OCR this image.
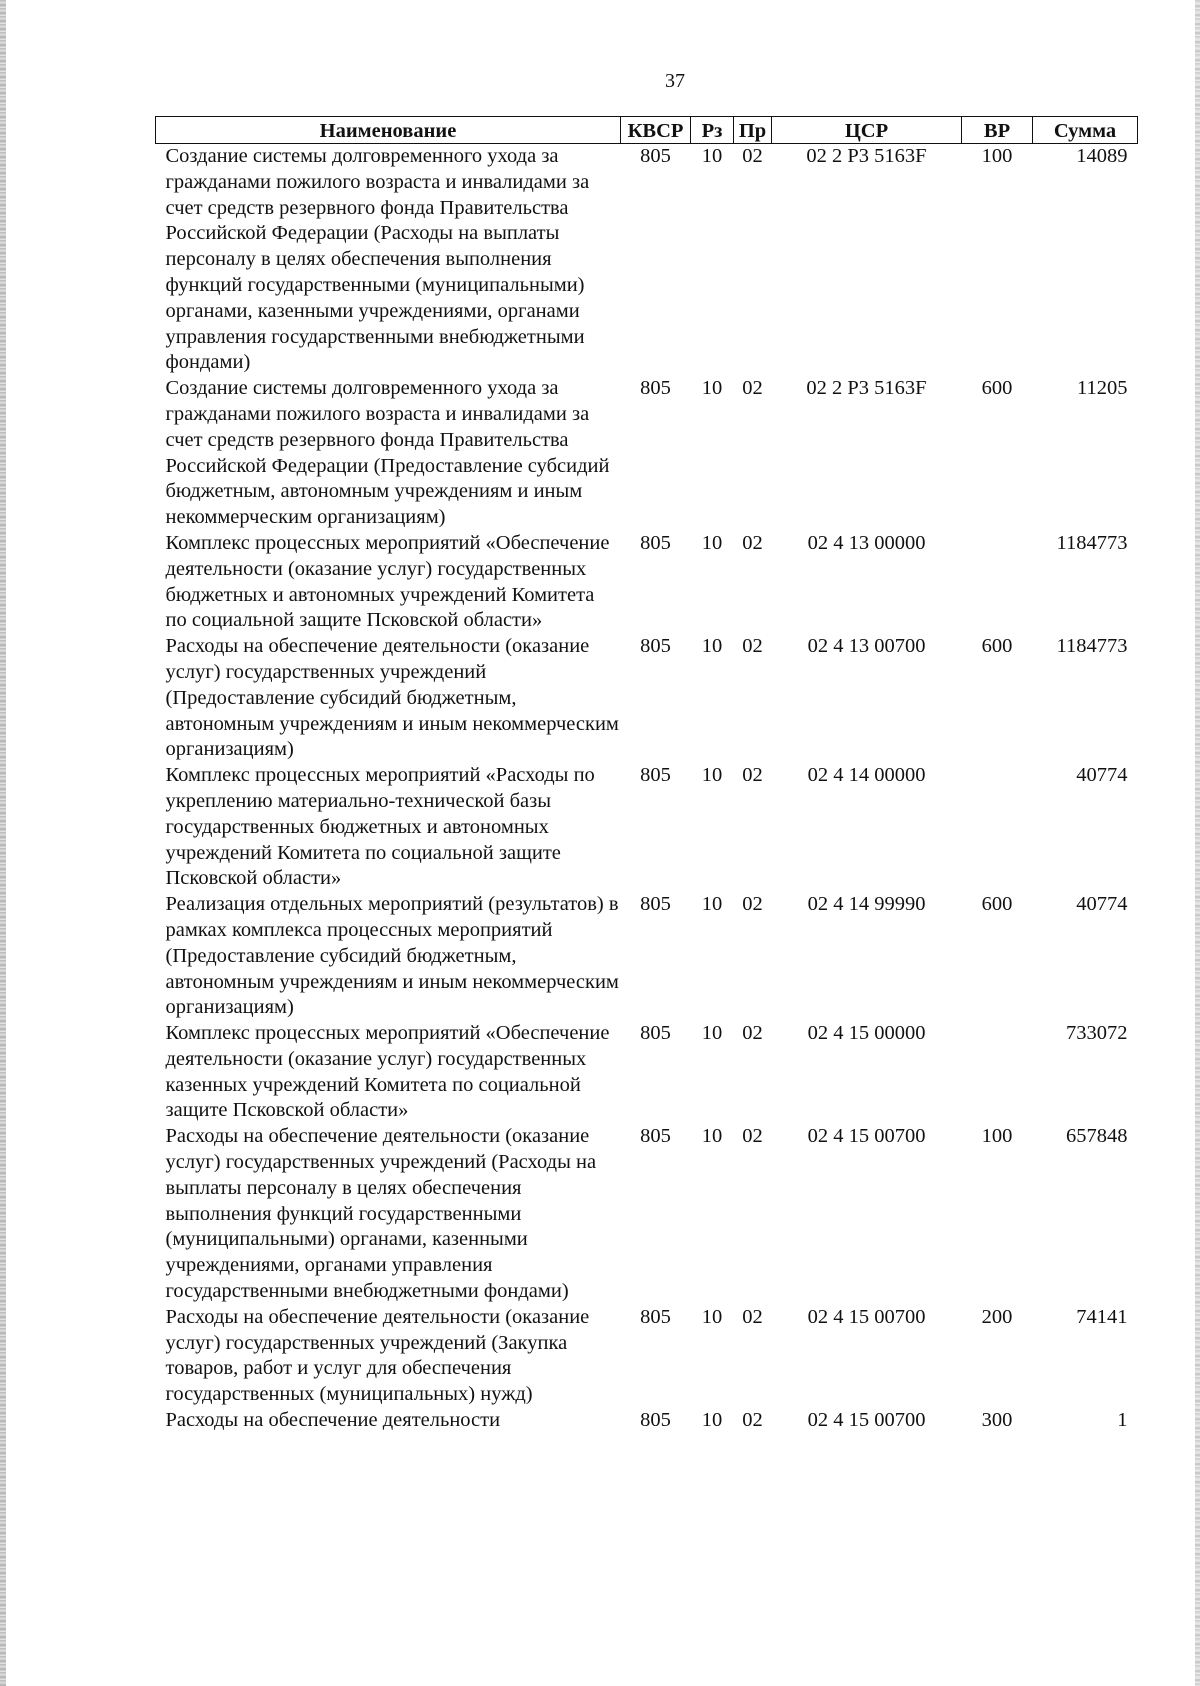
37
Наименование	КВСР	Рз	Пр	ЦСР	ВР	Сумма
Создание системы долговременного ухода за гражданами пожилого возраста и инвалидами за счет средств резервного фонда Правительства Российской Федерации (Расходы на выплаты персоналу в целях обеспечения выполнения функций государственными (муниципальными) органами, казенными учреждениями, органами управления государственными внебюджетными фондами)	805	10	02	02 2 P3 5163F	100	14089
Создание системы долговременного ухода за гражданами пожилого возраста и инвалидами за счет средств резервного фонда Правительства Российской Федерации (Предоставление субсидий бюджетным, автономным учреждениям и иным некоммерческим организациям)	805	10	02	02 2 P3 5163F	600	11205
Комплекс процессных мероприятий «Обеспечение деятельности (оказание услуг) государственных бюджетных и автономных учреждений Комитета по социальной защите Псковской области»	805	10	02	02 4 13 00000		1184773
Расходы на обеспечение деятельности (оказание услуг) государственных учреждений (Предоставление субсидий бюджетным, автономным учреждениям и иным некоммерческим организациям)	805	10	02	02 4 13 00700	600	1184773
Комплекс процессных мероприятий «Расходы по укреплению материально-технической базы государственных бюджетных и автономных учреждений Комитета по социальной защите Псковской области»	805	10	02	02 4 14 00000		40774
Реализация отдельных мероприятий (результатов) в рамках комплекса процессных мероприятий (Предоставление субсидий бюджетным, автономным учреждениям и иным некоммерческим организациям)	805	10	02	02 4 14 99990	600	40774
Комплекс процессных мероприятий «Обеспечение деятельности (оказание услуг) государственных казенных учреждений Комитета по социальной защите Псковской области»	805	10	02	02 4 15 00000		733072
Расходы на обеспечение деятельности (оказание услуг) государственных учреждений (Расходы на выплаты персоналу в целях обеспечения выполнения функций государственными (муниципальными) органами, казенными учреждениями, органами управления государственными внебюджетными фондами)	805	10	02	02 4 15 00700	100	657848
Расходы на обеспечение деятельности (оказание услуг) государственных учреждений (Закупка товаров, работ и услуг для обеспечения государственных (муниципальных) нужд)	805	10	02	02 4 15 00700	200	74141
Расходы на обеспечение деятельности	805	10	02	02 4 15 00700	300	1
